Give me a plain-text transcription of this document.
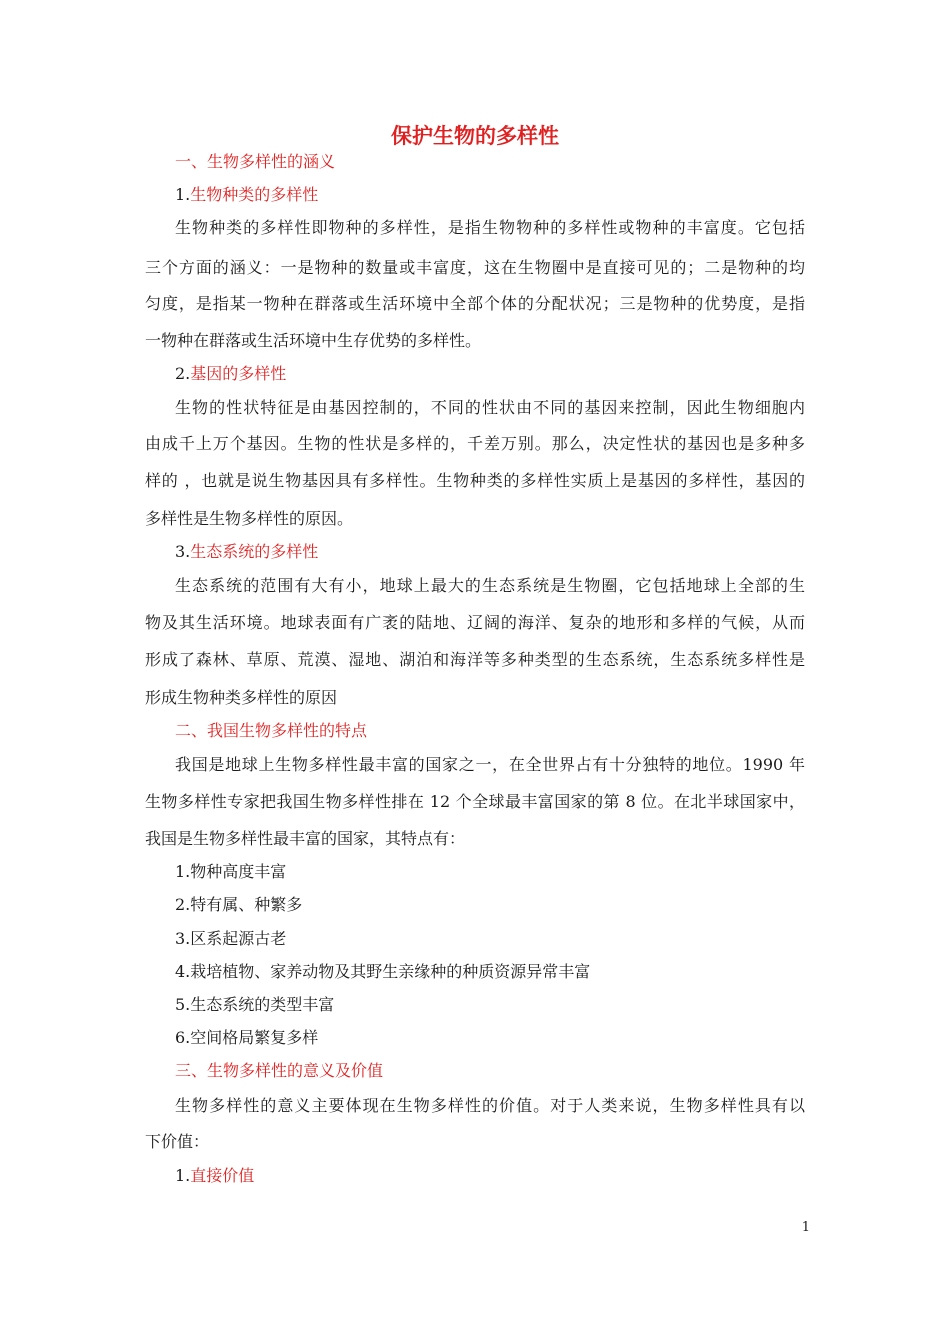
保护生物的多样性
一、生物多样性的涵义
1.生物种类的多样性
生物种类的多样性即物种的多样性，是指生物物种的多样性或物种的丰富度。它包括
三个方面的涵义：一是物种的数量或丰富度，这在生物圈中是直接可见的；二是物种的均
匀度，是指某一物种在群落或生活环境中全部个体的分配状况；三是物种的优势度，是指
一物种在群落或生活环境中生存优势的多样性。
2.基因的多样性
生物的性状特征是由基因控制的，不同的性状由不同的基因来控制，因此生物细胞内
由成千上万个基因。生物的性状是多样的，千差万别。那么，决定性状的基因也是多种多
样的 ，也就是说生物基因具有多样性。生物种类的多样性实质上是基因的多样性，基因的
多样性是生物多样性的原因。
3.生态系统的多样性
生态系统的范围有大有小，地球上最大的生态系统是生物圈，它包括地球上全部的生
物及其生活环境。地球表面有广袤的陆地、辽阔的海洋、复杂的地形和多样的气候，从而
形成了森林、草原、荒漠、湿地、湖泊和海洋等多种类型的生态系统，生态系统多样性是
形成生物种类多样性的原因
二、我国生物多样性的特点
我国是地球上生物多样性最丰富的国家之一，在全世界占有十分独特的地位。1990 年
生物多样性专家把我国生物多样性排在 12 个全球最丰富国家的第 8 位。在北半球国家中，
我国是生物多样性最丰富的国家，其特点有：
1.物种高度丰富
2.特有属、种繁多
3.区系起源古老
4.栽培植物、家养动物及其野生亲缘种的种质资源异常丰富
5.生态系统的类型丰富
6.空间格局繁复多样
三、生物多样性的意义及价值
生物多样性的意义主要体现在生物多样性的价值。对于人类来说，生物多样性具有以
下价值：
1.直接价值
1
